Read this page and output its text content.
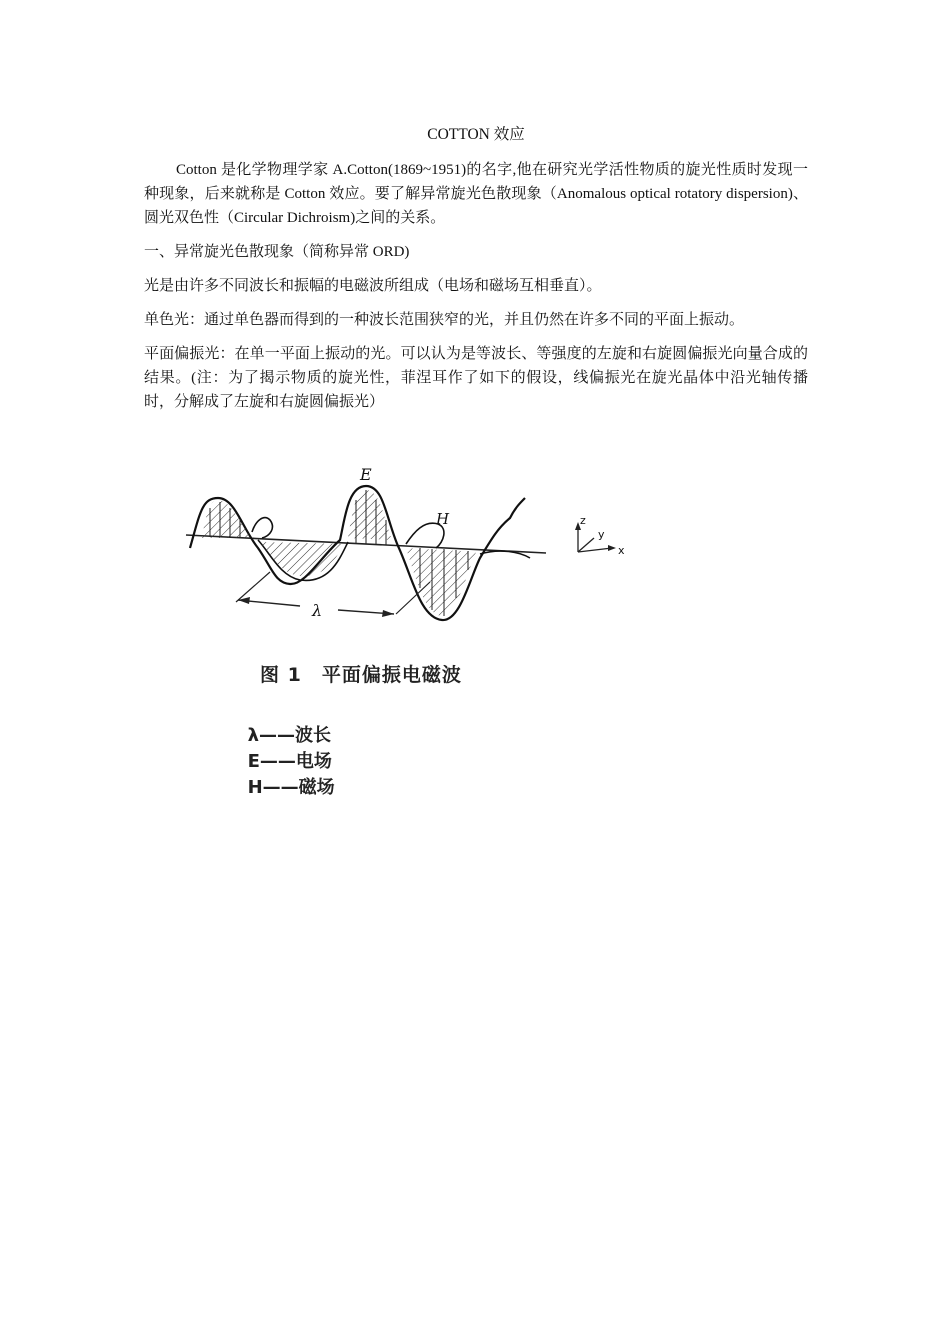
COTTON 效应

Cotton 是化学物理学家 A.Cotton(1869~1951)的名字,他在研究光学活性物质的旋光性质时发现一种现象，后来就称是 Cotton 效应。要了解异常旋光色散现象（Anomalous optical rotatory dispersion)、圆光双色性（Circular Dichroism)之间的关系。

一、异常旋光色散现象（简称异常 ORD)

光是由许多不同波长和振幅的电磁波所组成（电场和磁场互相垂直）。

单色光：通过单色器而得到的一种波长范围狭窄的光，并且仍然在许多不同的平面上振动。

平面偏振光：在单一平面上振动的光。可以认为是等波长、等强度的左旋和右旋圆偏振光向量合成的结果。(注：为了揭示物质的旋光性，菲涅耳作了如下的假设，线偏振光在旋光晶体中沿光轴传播时，分解成了左旋和右旋圆偏振光）

E
H
λ
z
y
x
图 1　平面偏振电磁波

λ——波长
E——电场
H——磁场
